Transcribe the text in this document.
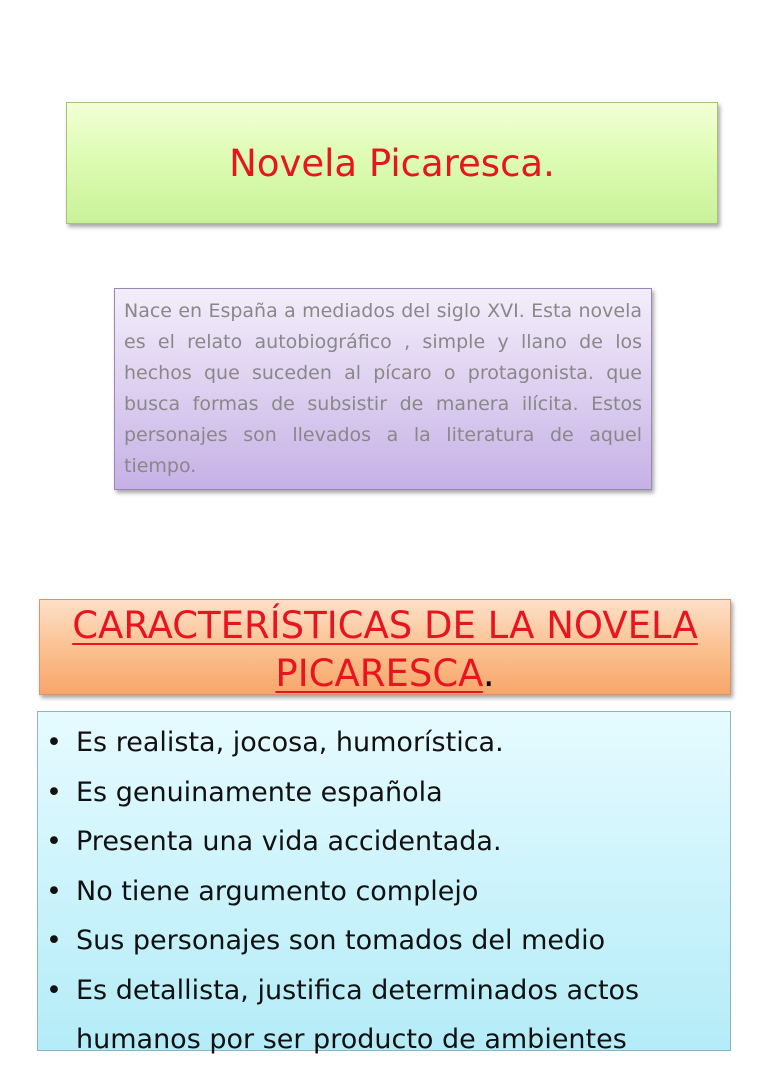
Novela Picaresca.

Nace en España a mediados del siglo XVI. Esta novela es el relato autobiográfico , simple y llano de los hechos que suceden al pícaro o protagonista. que busca formas de subsistir de manera ilícita. Estos personajes son llevados a la literatura de aquel tiempo.

CARACTERÍSTICAS DE LA NOVELA
PICARESCA.
• Es realista, jocosa, humorística.
• Es genuinamente española
• Presenta una vida accidentada.
• No tiene argumento complejo
• Sus personajes son tomados del medio
• Es detallista, justifica determinados actos
humanos por ser producto de ambientes
